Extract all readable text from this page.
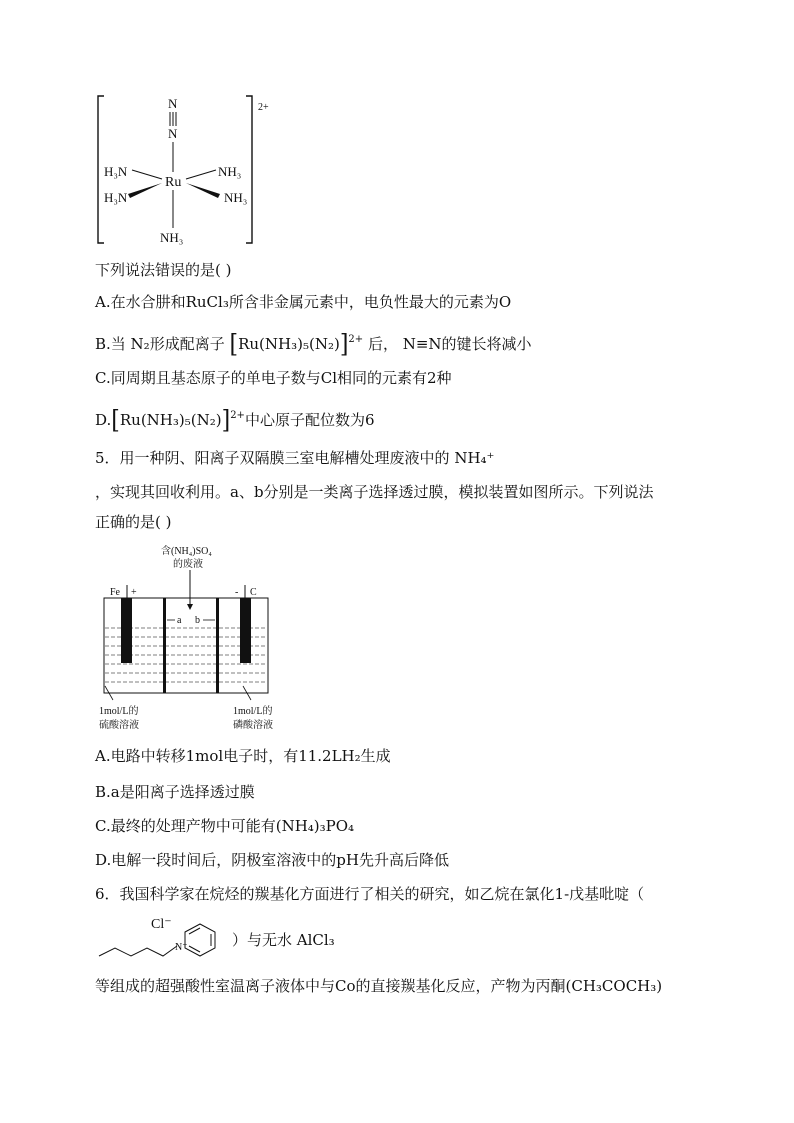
2+
N
N
Ru
H₃N
H₃N
NH₃
NH₃
NH₃
下列说法错误的是( )
A.在水合肼和RuCl₃所含非金属元素中，电负性最大的元素为O
B.当 N₂形成配离子 $[Ru(NH_3)_5(N_2)]^{2+}$ 后， N≡N的键长将减小
C.同周期且基态原子的单电子数与Cl相同的元素有2种
$D.[Ru(NH_3)_5(N_2)]^{2+}$中心原子配位数为6
5．用一种阴、阳离子双隔膜三室电解槽处理废液中的 NH₄⁺
，实现其回收利用。a、b分别是一类离子选择透过膜，模拟装置如图所示。下列说法
正确的是( )
含(NH₄)SO₄
的废液
Fe +	- C
a b
1mol/L的
硫酸溶液
1mol/L的
磷酸溶液
A.电路中转移1mol电子时，有11.2LH₂生成
B.a是阳离子选择透过膜
C.最终的处理产物中可能有(NH₄)₃PO₄
D.电解一段时间后，阴极室溶液中的pH先升高后降低
6．我国科学家在烷烃的羰基化方面进行了相关的研究，如乙烷在氯化1-戊基吡啶（
Cl⁻
N⁺	）与无水 AlCl₃
等组成的超强酸性室温离子液体中与Co的直接羰基化反应，产物为丙酮(CH₃COCH₃)
